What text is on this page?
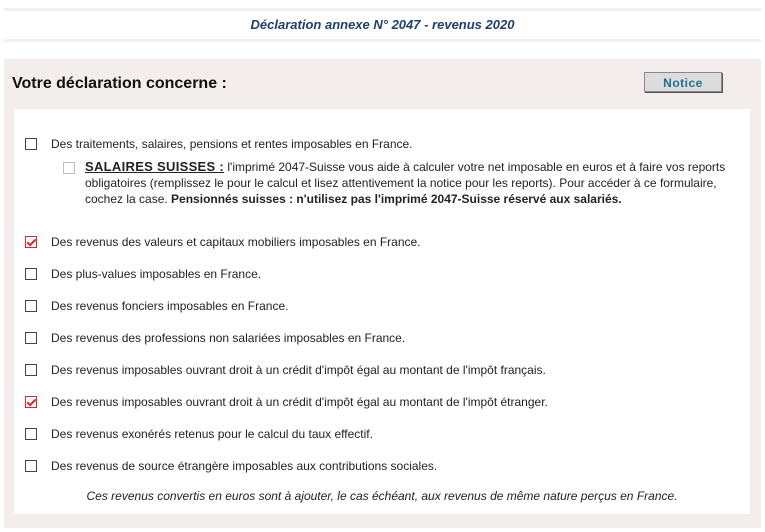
Déclaration annexe N° 2047 - revenus 2020
Votre déclaration concerne :	Notice
Des traitements, salaires, pensions et rentes imposables en France.
SALAIRES SUISSES : l'imprimé 2047-Suisse vous aide à calculer votre net imposable en euros et à faire vos reports obligatoires (remplissez le pour le calcul et lisez attentivement la notice pour les reports). Pour accéder à ce formulaire, cochez la case. Pensionnés suisses : n'utilisez pas l'imprimé 2047-Suisse réservé aux salariés.
Des revenus des valeurs et capitaux mobiliers imposables en France.
Des plus-values imposables en France.
Des revenus fonciers imposables en France.
Des revenus des professions non salariées imposables en France.
Des revenus imposables ouvrant droit à un crédit d'impôt égal au montant de l'impôt français.
Des revenus imposables ouvrant droit à un crédit d'impôt égal au montant de l'impôt étranger.
Des revenus exonérés retenus pour le calcul du taux effectif.
Des revenus de source étrangère imposables aux contributions sociales.
Ces revenus convertis en euros sont à ajouter, le cas échéant, aux revenus de même nature perçus en France.
